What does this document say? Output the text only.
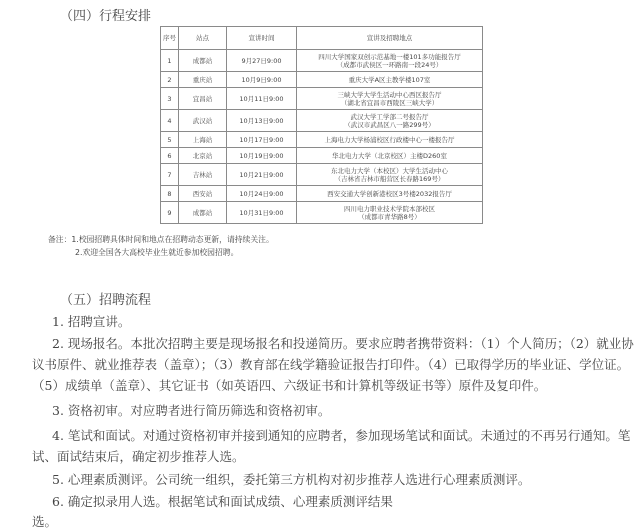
（四）行程安排
序号	站点	宣讲时间	宣讲及招聘地点
1	成都站	9月27日9:00	四川大学国家双创示范基地一楼101多功能报告厅
（成都市武侯区一环路南一段24号）

2	重庆站	10月9日9:00	重庆大学A区主教学楼107室

3	宜昌站	10月11日9:00	三峡大学大学生活动中心西区报告厅
（湖北省宜昌市西陵区三峡大学）

4	武汉站	10月13日9:00	武汉大学工学部二号报告厅
（武汉市武昌区八一路299号）

5	上海站	10月17日9:00	上海电力大学杨浦校区行政楼中心一楼报告厅

6	北京站	10月19日9:00	华北电力大学（北京校区）主楼D260室

7	吉林站	10月21日9:00	东北电力大学（本校区）大学生活动中心
（吉林省吉林市船营区长春路169号）

8	西安站	10月24日9:00	西安交通大学创新港校区3号楼2032报告厅

9	成都站	10月31日9:00	四川电力职业技术学院本部校区
（成都市青华路8号）
备注：1.校园招聘具体时间和地点在招聘动态更新，请持续关注。
2.欢迎全国各大高校毕业生就近参加校园招聘。
（五）招聘流程
1. 招聘宣讲。
2. 现场报名。本批次招聘主要是现场报名和投递简历。要求应聘者携带资料：（1）个人简历；（2）就业协
议书原件、就业推荐表（盖章）；（3）教育部在线学籍验证报告打印件。（4）已取得学历的毕业证、学位证。
（5）成绩单（盖章）、其它证书（如英语四、六级证书和计算机等级证书等）原件及复印件。
3. 资格初审。对应聘者进行简历筛选和资格初审。
4. 笔试和面试。对通过资格初审并接到通知的应聘者，参加现场笔试和面试。未通过的不再另行通知。笔
试、面试结束后，确定初步推荐人选。
5. 心理素质测评。公司统一组织，委托第三方机构对初步推荐人选进行心理素质测评。
6. 确定拟录用人选。根据笔试和面试成绩、心理素质测评结果
选。
